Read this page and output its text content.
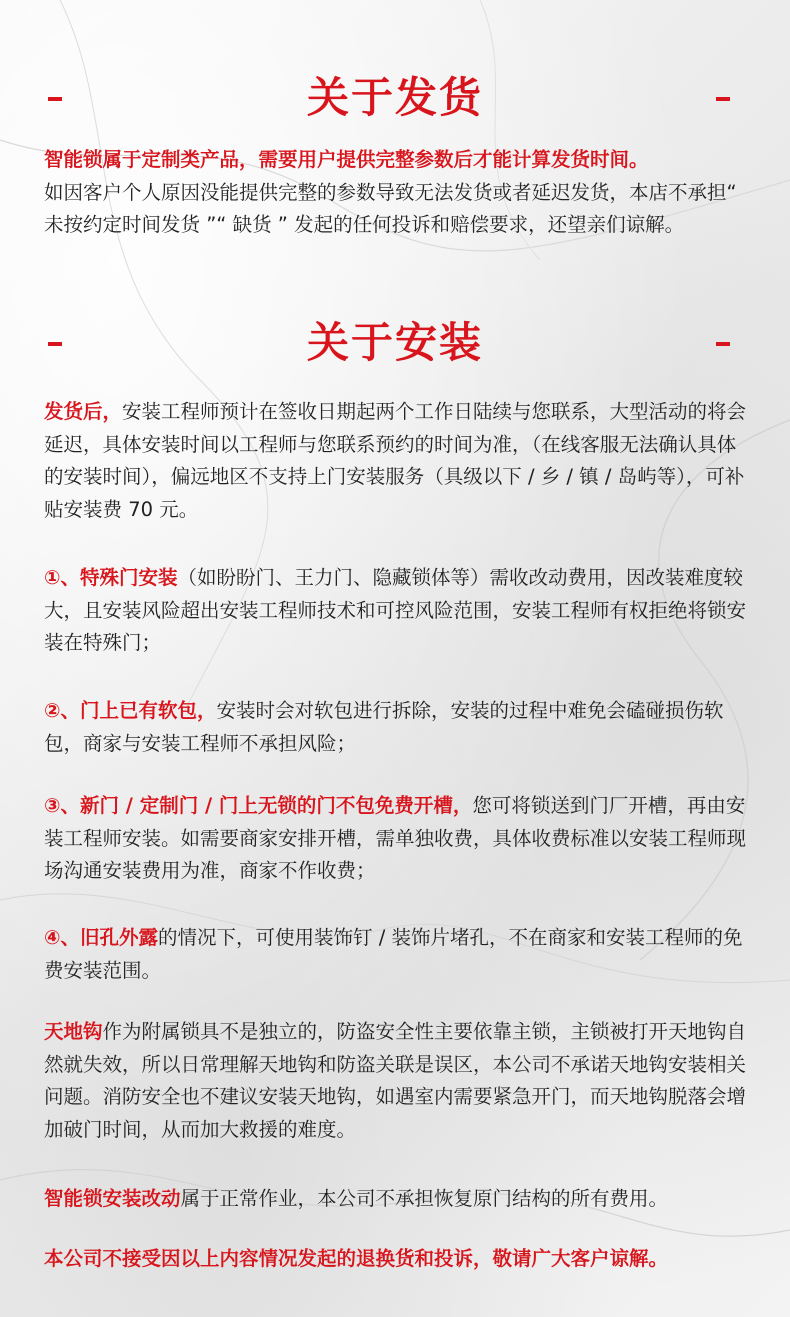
关于发货
智能锁属于定制类产品，需要用户提供完整参数后才能计算发货时间。
如因客户个人原因没能提供完整的参数导致无法发货或者延迟发货，本店不承担“ 未按约定时间发货 ”“ 缺货 ” 发起的任何投诉和赔偿要求，还望亲们谅解。
关于安装
发货后，安装工程师预计在签收日期起两个工作日陆续与您联系，大型活动的将会延迟，具体安装时间以工程师与您联系预约的时间为准，（在线客服无法确认具体的安装时间），偏远地区不支持上门安装服务（具级以下 / 乡 / 镇 / 岛屿等），可补贴安装费 70 元。
①、特殊门安装（如盼盼门、王力门、隐藏锁体等）需收改动费用，因改装难度较大，且安装风险超出安装工程师技术和可控风险范围，安装工程师有权拒绝将锁安装在特殊门；
②、门上已有软包，安装时会对软包进行拆除，安装的过程中难免会磕碰损伤软包，商家与安装工程师不承担风险；
③、新门 / 定制门 / 门上无锁的门不包免费开槽，您可将锁送到门厂开槽，再由安装工程师安装。如需要商家安排开槽，需单独收费，具体收费标准以安装工程师现场沟通安装费用为准，商家不作收费；
④、旧孔外露的情况下，可使用装饰钉 / 装饰片堵孔，不在商家和安装工程师的免费安装范围。
天地钩作为附属锁具不是独立的，防盗安全性主要依靠主锁，主锁被打开天地钩自然就失效，所以日常理解天地钩和防盗关联是误区，本公司不承诺天地钩安装相关问题。消防安全也不建议安装天地钩，如遇室内需要紧急开门，而天地钩脱落会增加破门时间，从而加大救援的难度。
智能锁安装改动属于正常作业，本公司不承担恢复原门结构的所有费用。
本公司不接受因以上内容情况发起的退换货和投诉，敬请广大客户谅解。
